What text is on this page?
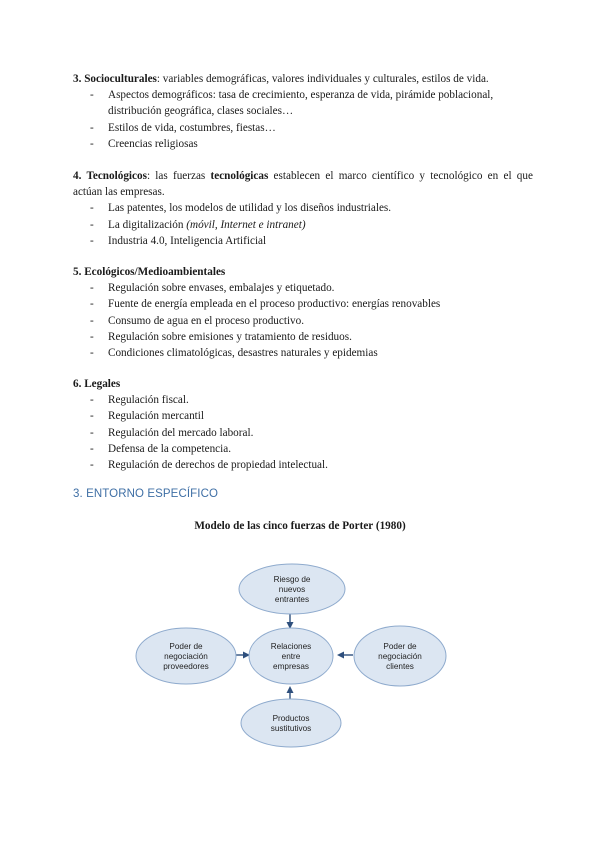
3. Socioculturales: variables demográficas, valores individuales y culturales, estilos de vida.

- Aspectos demográficos: tasa de crecimiento, esperanza de vida, pirámide poblacional, distribución geográfica, clases sociales…
- Estilos de vida, costumbres, fiestas…
- Creencias religiosas

4. Tecnológicos: las fuerzas tecnológicas establecen el marco científico y tecnológico en el que actúan las empresas.

- Las patentes, los modelos de utilidad y los diseños industriales.
- La digitalización (móvil, Internet e intranet)
- Industria 4.0, Inteligencia Artificial

5. Ecológicos/Medioambientales

- Regulación sobre envases, embalajes y etiquetado.
- Fuente de energía empleada en el proceso productivo: energías renovables
- Consumo de agua en el proceso productivo.
- Regulación sobre emisiones y tratamiento de residuos.
- Condiciones climatológicas, desastres naturales y epidemias

6. Legales

- Regulación fiscal.
- Regulación mercantil
- Regulación del mercado laboral.
- Defensa de la competencia.
- Regulación de derechos de propiedad intelectual.
3. ENTORNO ESPECÍFICO
Modelo de las cinco fuerzas de Porter (1980)
Riesgo de
nuevos
entrantes
Relaciones
entre
empresas
Poder de
negociación
proveedores
Poder de
negociación
clientes
Productos
sustitutivos
